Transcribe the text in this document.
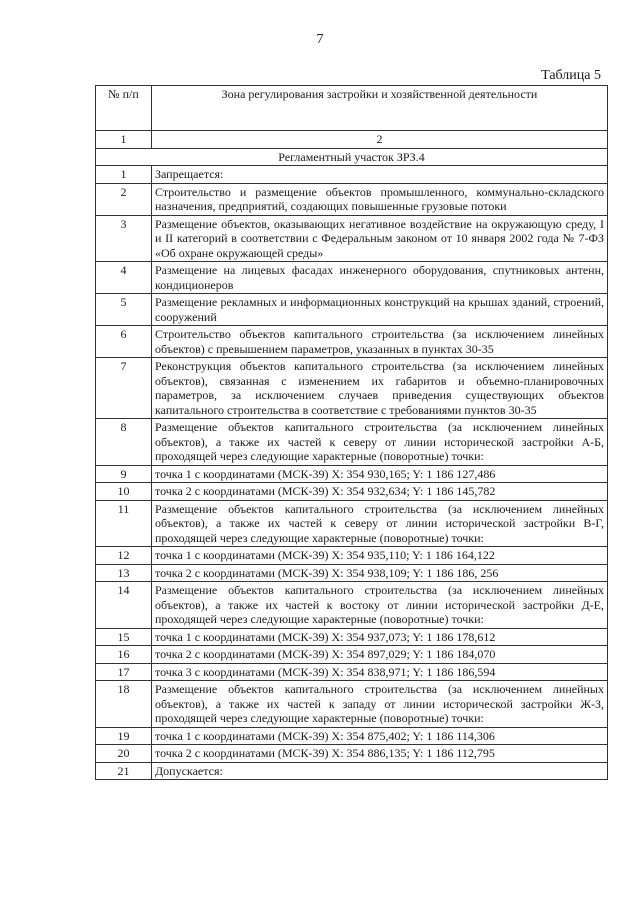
7
Таблица 5
№ п/п	Зона регулирования застройки и хозяйственной деятельности
1	2
Регламентный участок ЗРЗ.4	
1	Запрещается:
2	Строительство и размещение объектов промышленного, коммунально-складского назначения, предприятий, создающих повышенные грузовые потоки
3	Размещение объектов, оказывающих негативное воздействие на окружающую среду, I и II категорий в соответствии с Федеральным законом от 10 января 2002 года № 7-ФЗ «Об охране окружающей среды»
4	Размещение на лицевых фасадах инженерного оборудования, спутниковых антенн, кондиционеров
5	Размещение рекламных и информационных конструкций на крышах зданий, строений, сооружений
6	Строительство объектов капитального строительства (за исключением линейных объектов) с превышением параметров, указанных в пунктах 30-35
7	Реконструкция объектов капитального строительства (за исключением линейных объектов), связанная с изменением их габаритов и объемно-планировочных параметров, за исключением случаев приведения существующих объектов капитального строительства в соответствие с требованиями пунктов 30-35
8	Размещение объектов капитального строительства (за исключением линейных объектов), а также их частей к северу от линии исторической застройки А-Б, проходящей через следующие характерные (поворотные) точки:
9	точка 1 с координатами (МСК-39) X: 354 930,165; Y: 1 186 127,486
10	точка 2 с координатами (МСК-39) X: 354 932,634; Y: 1 186 145,782
11	Размещение объектов капитального строительства (за исключением линейных объектов), а также их частей к северу от линии исторической застройки В-Г, проходящей через следующие характерные (поворотные) точки:
12	точка 1 с координатами (МСК-39) X: 354 935,110; Y: 1 186 164,122
13	точка 2 с координатами (МСК-39) X: 354 938,109; Y: 1 186 186, 256
14	Размещение объектов капитального строительства (за исключением линейных объектов), а также их частей к востоку от линии исторической застройки Д-Е, проходящей через следующие характерные (поворотные) точки:
15	точка 1 с координатами (МСК-39) X: 354 937,073; Y: 1 186 178,612
16	точка 2 с координатами (МСК-39) X: 354 897,029; Y: 1 186 184,070
17	точка 3 с координатами (МСК-39) X: 354 838,971; Y: 1 186 186,594
18	Размещение объектов капитального строительства (за исключением линейных объектов), а также их частей к западу от линии исторической застройки Ж-З, проходящей через следующие характерные (поворотные) точки:
19	точка 1 с координатами (МСК-39) X: 354 875,402; Y: 1 186 114,306
20	точка 2 с координатами (МСК-39) X: 354 886,135; Y: 1 186 112,795
21	Допускается:
